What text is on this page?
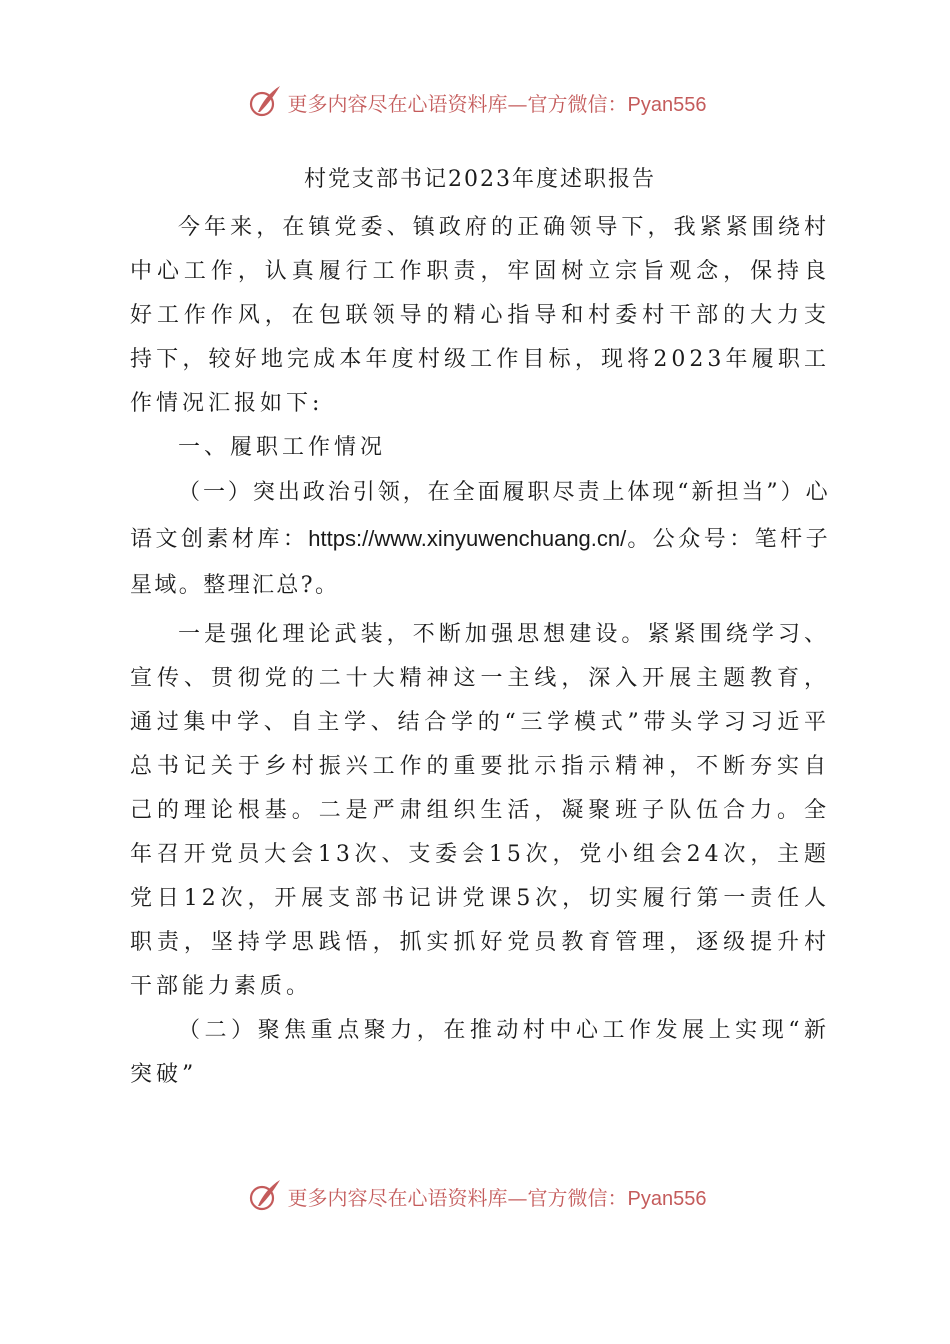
更多内容尽在心语资料库—官方微信：Pyan556
村党支部书记2023年度述职报告

今年来，在镇党委、镇政府的正确领导下，我紧紧围绕村中心工作，认真履行工作职责，牢固树立宗旨观念，保持良好工作作风，在包联领导的精心指导和村委村干部的大力支持下，较好地完成本年度村级工作目标，现将2023年履职工作情况汇报如下:

一、履职工作情况

（一）突出政治引领，在全面履职尽责上体现“新担当”）心语文创素材库：https://www.xinyuwenchuang.cn/。公众号：笔杆子星域。整理汇总?。

一是强化理论武装，不断加强思想建设。紧紧围绕学习、宣传、贯彻党的二十大精神这一主线，深入开展主题教育，通过集中学、自主学、结合学的“三学模式”带头学习习近平总书记关于乡村振兴工作的重要批示指示精神，不断夯实自己的理论根基。二是严肃组织生活，凝聚班子队伍合力。全年召开党员大会13次、支委会15次，党小组会24次，主题党日12次，开展支部书记讲党课5次，切实履行第一责任人职责，坚持学思践悟，抓实抓好党员教育管理，逐级提升村干部能力素质。

（二）聚焦重点聚力，在推动村中心工作发展上实现“新突破”

更多内容尽在心语资料库—官方微信：Pyan556
